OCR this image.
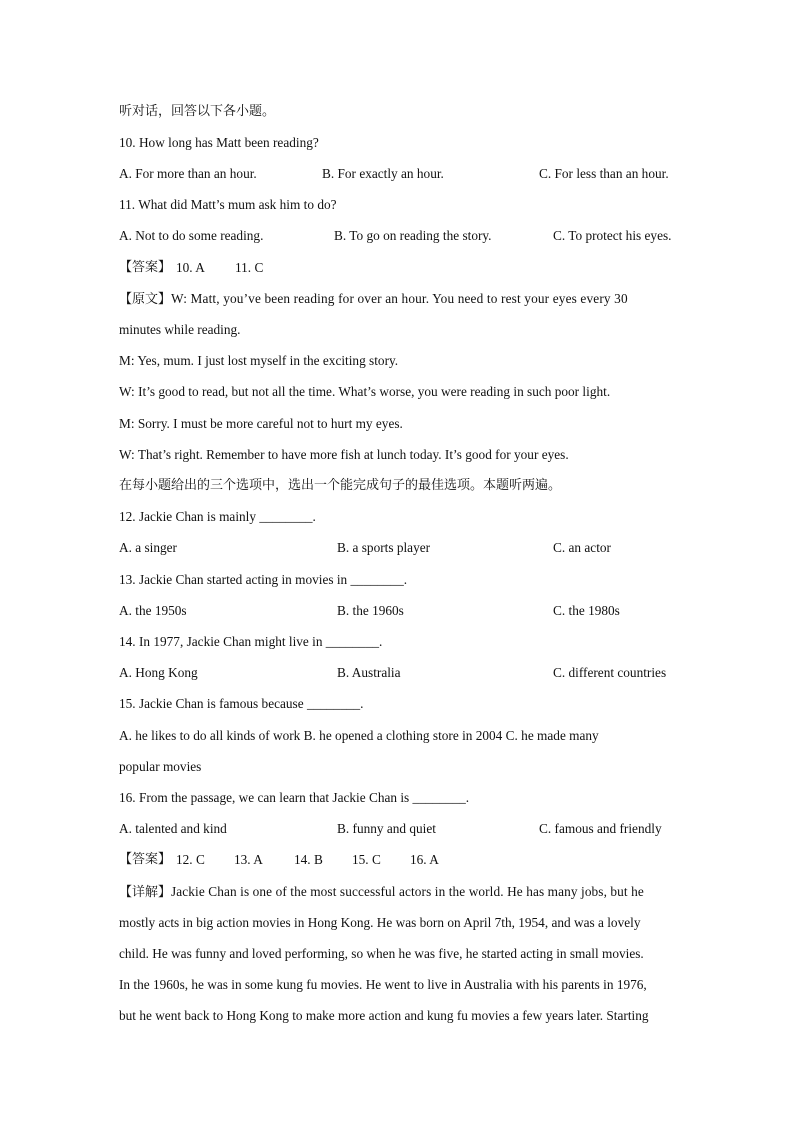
听对话，回答以下各小题。
10. How long has Matt been reading?
A. For more than an hour.	B. For exactly an hour.	C. For less than an hour.
11. What did Matt’s mum ask him to do?
A. Not to do some reading.	B. To go on reading the story.	C. To protect his eyes.
【答案】 10. A 11. C
【原文】W: Matt, you’ve been reading for over an hour. You need to rest your eyes every 30
minutes while reading.
M: Yes, mum. I just lost myself in the exciting story.
W: It’s good to read, but not all the time. What’s worse, you were reading in such poor light.
M: Sorry. I must be more careful not to hurt my eyes.
W: That’s right. Remember to have more fish at lunch today. It’s good for your eyes.
在每小题给出的三个选项中，选出一个能完成句子的最佳选项。本题听两遍。
12. Jackie Chan is mainly ________.
A. a singer	B. a sports player	C. an actor
13. Jackie Chan started acting in movies in ________.
A. the 1950s	B. the 1960s	C. the 1980s
14. In 1977, Jackie Chan might live in ________.
A. Hong Kong	B. Australia	C. different countries
15. Jackie Chan is famous because ________.
A. he likes to do all kinds of work B. he opened a clothing store in 2004 C. he made many
popular movies
16. From the passage, we can learn that Jackie Chan is ________.
A. talented and kind	B. funny and quiet	C. famous and friendly
【答案】 12. C 13. A 14. B 15. C 16. A
【详解】Jackie Chan is one of the most successful actors in the world. He has many jobs, but he
mostly acts in big action movies in Hong Kong. He was born on April 7th, 1954, and was a lovely
child. He was funny and loved performing, so when he was five, he started acting in small movies.
In the 1960s, he was in some kung fu movies. He went to live in Australia with his parents in 1976,
but he went back to Hong Kong to make more action and kung fu movies a few years later. Starting
